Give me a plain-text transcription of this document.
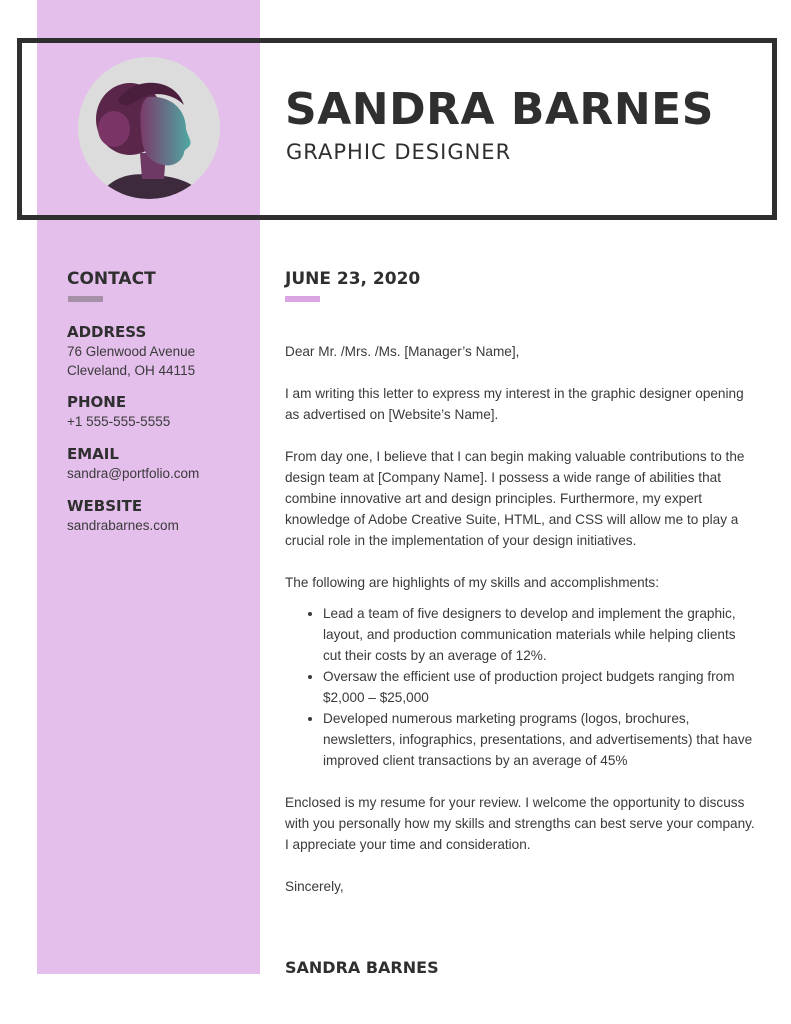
SANDRA BARNES
GRAPHIC DESIGNER
CONTACT

ADDRESS

76 Glenwood Avenue

Cleveland, OH 44115

PHONE

+1 555-555-5555

EMAIL

sandra@portfolio.com

WEBSITE

sandrabarnes.com

JUNE 23, 2020

Dear Mr. /Mrs. /Ms. [Manager’s Name],

I am writing this letter to express my interest in the graphic designer opening as advertised on [Website’s Name].

From day one, I believe that I can begin making valuable contributions to the design team at [Company Name]. I possess a wide range of abilities that combine innovative art and design principles. Furthermore, my expert knowledge of Adobe Creative Suite, HTML, and CSS will allow me to play a crucial role in the implementation of your design initiatives.

The following are highlights of my skills and accomplishments:

• Lead a team of five designers to develop and implement the graphic, layout, and production communication materials while helping clients cut their costs by an average of 12%.
• Oversaw the efficient use of production project budgets ranging from $2,000 – $25,000
• Developed numerous marketing programs (logos, brochures, newsletters, infographics, presentations, and advertisements) that have improved client transactions by an average of 45%

Enclosed is my resume for your review. I welcome the opportunity to discuss with you personally how my skills and strengths can best serve your company. I appreciate your time and consideration.

Sincerely,

SANDRA BARNES
